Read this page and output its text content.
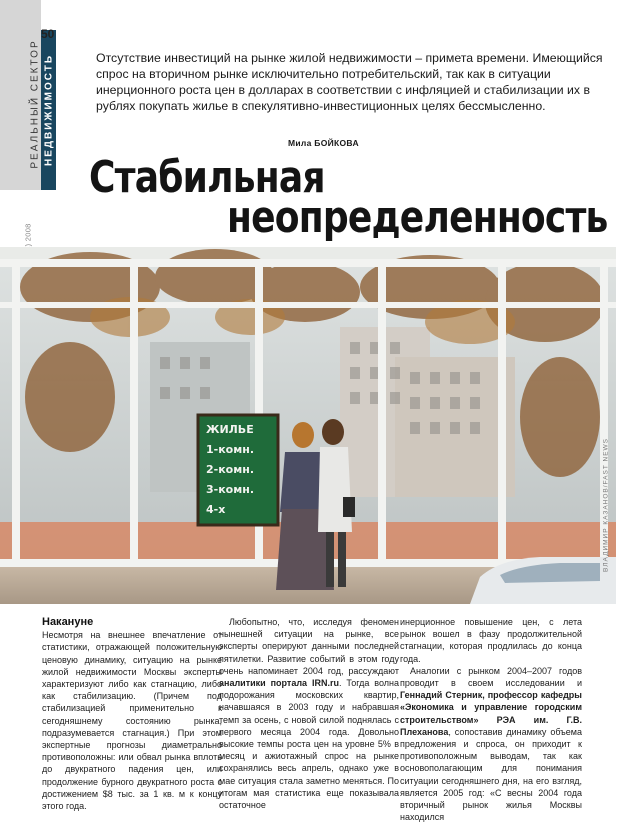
РЕАЛЬНЫЙ СЕКТОР НЕДВИЖИМОСТЬ
50
Отсутствие инвестиций на рынке жилой недвижимости – примета времени. Имеющийся спрос на вторичном рынке исключительно потребительский, так как в ситуации инерционного роста цен в долларах в соответствии с инфляцией и стабилизации их в рублях покупать жилье в спекулятивно-инвестиционных целях бессмысленно.
Мила БОЙКОВА
Стабильная
неопределенность
ЖИЛЬЕ
1-комн.
2-комн.
3-комн.
4-х	ВЛАДИМИР КАЗАНОВ/FAST NEWS

Накануне

Несмотря на внешнее впечатление от статистики, отражающей положительную ценовую динамику, ситуацию на рынке жилой недвижимости Москвы эксперты характеризуют либо как стагнацию, либо как стабилизацию. (Причем под стабилизацией применительно к сегодняшнему состоянию рынка, подразумевается стагнация.) При этом экспертные прогнозы диаметрально противоположны: или обвал рынка вплоть до двукратного падения цен, или продолжение бурного двукратного роста с достижением $8 тыс. за 1 кв. м к концу этого года.

Любопытно, что, исследуя феномен нынешней ситуации на рынке, все эксперты оперируют данными последней пятилетки. Развитие событий в этом году очень напоминает 2004 год, рассуждают аналитики портала IRN.ru. Тогда волна подорожания московских квартир, начавшаяся в 2003 году и набравшая темп за осень, с новой силой поднялась с первого месяца 2004 года. Довольно высокие темпы роста цен на уровне 5% в месяц и ажиотажный спрос на рынке сохранялись весь апрель, однако уже в мае ситуация стала заметно меняться. По итогам мая статистика еще показывала остаточное

инерционное повышение цен, с лета рынок вошел в фазу продолжительной стагнации, которая продлилась до конца года.

Аналогии с рынком 2004–2007 годов проводит в своем исследовании и Геннадий Стерник, профессор кафедры «Экономика и управление городским строительством» РЭА им. Г.В. Плеханова, сопоставив динамику объема предложения и спроса, он приходит к противоположным выводам, так как основополагающим для понимания ситуации сегодняшнего дня, на его взгляд, является 2005 год: «С весны 2004 года вторичный рынок жилья Москвы находился
